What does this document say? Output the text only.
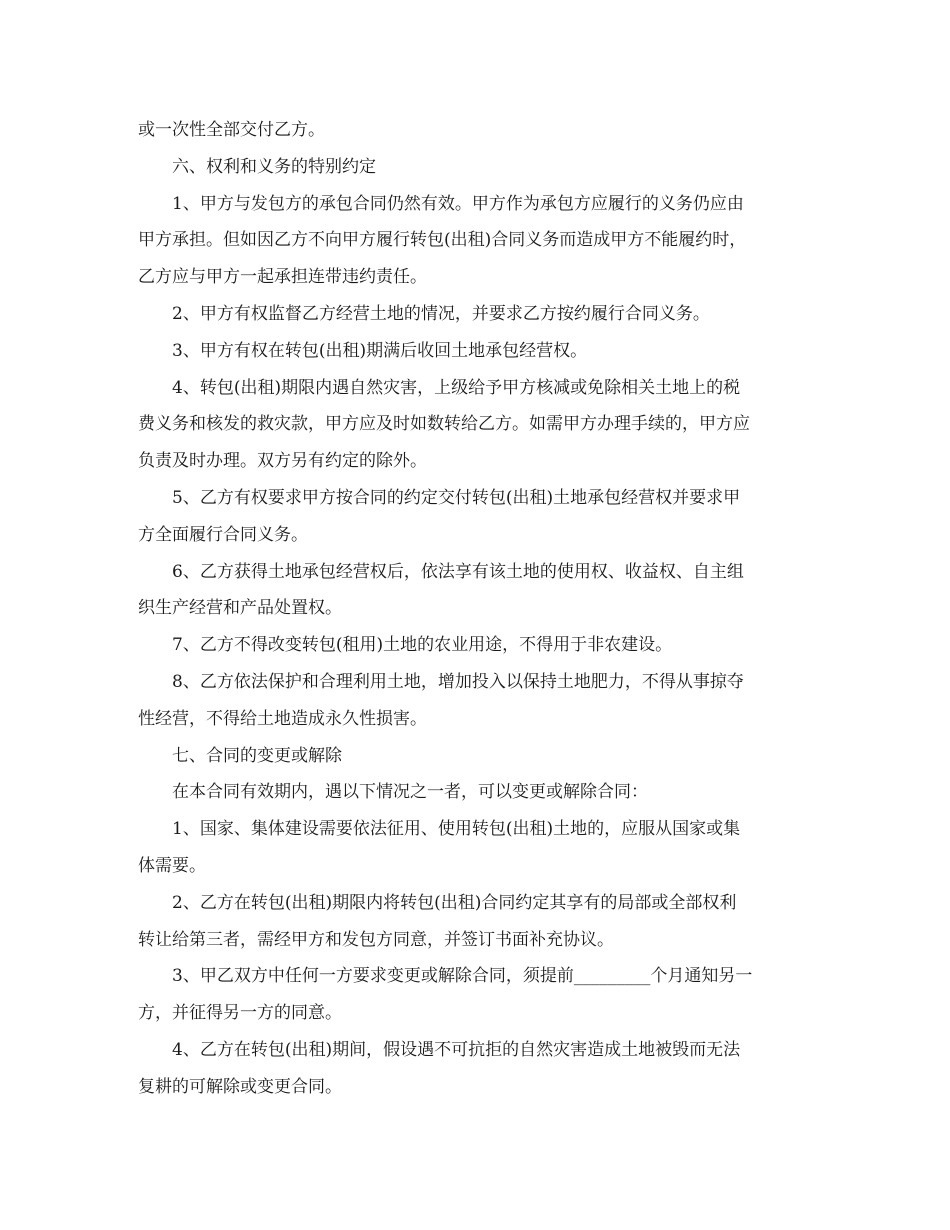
或一次性全部交付乙方。
六、权利和义务的特别约定
1、甲方与发包方的承包合同仍然有效。甲方作为承包方应履行的义务仍应由
甲方承担。但如因乙方不向甲方履行转包(出租)合同义务而造成甲方不能履约时，
乙方应与甲方一起承担连带违约责任。
2、甲方有权监督乙方经营土地的情况，并要求乙方按约履行合同义务。
3、甲方有权在转包(出租)期满后收回土地承包经营权。
4、转包(出租)期限内遇自然灾害，上级给予甲方核减或免除相关土地上的税
费义务和核发的救灾款，甲方应及时如数转给乙方。如需甲方办理手续的，甲方应
负责及时办理。双方另有约定的除外。
5、乙方有权要求甲方按合同的约定交付转包(出租)土地承包经营权并要求甲
方全面履行合同义务。
6、乙方获得土地承包经营权后，依法享有该土地的使用权、收益权、自主组
织生产经营和产品处置权。
7、乙方不得改变转包(租用)土地的农业用途，不得用于非农建设。
8、乙方依法保护和合理利用土地，增加投入以保持土地肥力，不得从事掠夺
性经营，不得给土地造成永久性损害。
七、合同的变更或解除
在本合同有效期内，遇以下情况之一者，可以变更或解除合同：
1、国家、集体建设需要依法征用、使用转包(出租)土地的，应服从国家或集
体需要。
2、乙方在转包(出租)期限内将转包(出租)合同约定其享有的局部或全部权利
转让给第三者，需经甲方和发包方同意，并签订书面补充协议。
3、甲乙双方中任何一方要求变更或解除合同，须提前_________个月通知另一
方，并征得另一方的同意。
4、乙方在转包(出租)期间，假设遇不可抗拒的自然灾害造成土地被毁而无法
复耕的可解除或变更合同。
